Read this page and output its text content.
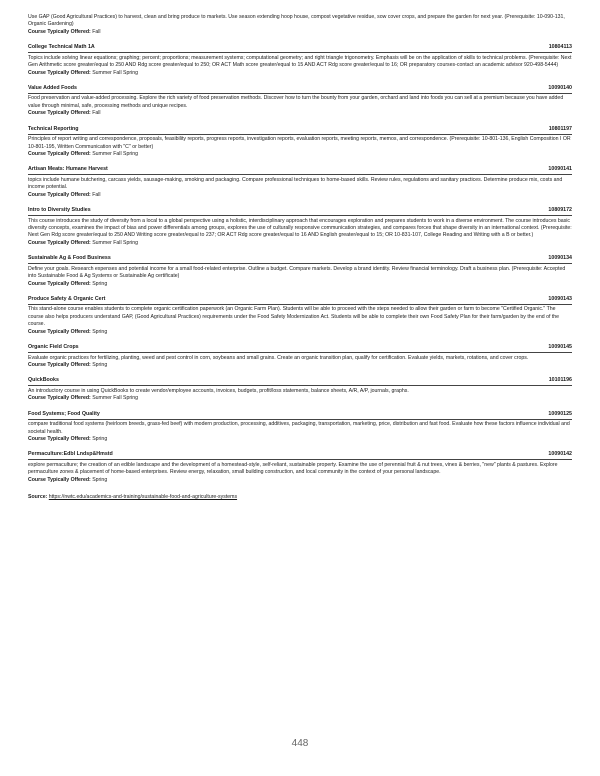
Use GAP (Good Agricultural Practices) to harvest, clean and bring produce to markets. Use season extending hoop house, compost vegetative residue, sow cover crops, and prepare the garden for next year. (Prerequisite: 10-090-131, Organic Gardening)

Course Typically Offered: Fall

College Technical Math 1A	10804113

Topics include solving linear equations; graphing; percent; proportions; measurement systems; computational geometry; and right triangle trigonometry. Emphasis will be on the application of skills to technical problems. (Prerequisite: Next Gen Arithmetic score greater/equal to 250 AND Rdg score greater/equal to 250; OR ACT Math score greater/equal to 15 AND ACT Rdg score greater/equal to 16; OR preparatory courses-contact an academic advisor 920-498-5444)

Course Typically Offered: Summer Fall Spring

Value Added Foods	10090140

Food preservation and value-added processing. Explore the rich variety of food preservation methods. Discover how to turn the bounty from your garden, orchard and land into foods you can sell at a premium because you have added value through minimal, safe, processing methods and unique recipes.

Course Typically Offered: Fall

Technical Reporting	10801197

Principles of report writing and correspondence, proposals, feasibility reports, progress reports, investigation reports, evaluation reports, meeting reports, memos, and correspondence. (Prerequisite: 10-801-136, English Composition I OR 10-801-195, Written Communication with "C" or better)

Course Typically Offered: Summer Fall Spring

Artisan Meats: Humane Harvest	10090141

topics include humane butchering, carcass yields, sausage-making, smoking and packaging. Compare professional techniques to home-based skills. Review rules, regulations and sanitary practices. Determine produce mix, costs and income potential.

Course Typically Offered: Fall

Intro to Diversity Studies	10809172

This course introduces the study of diversity from a local to a global perspective using a holistic, interdisciplinary approach that encourages exploration and prepares students to work in a diverse environment. The course introduces basic diversity concepts, examines the impact of bias and power differentials among groups, explores the use of culturally responsive communication strategies, and compares forces that shape diversity in an international context. (Prerequisite: Next Gen Rdg score greater/equal to 250 AND Writing score greater/equal to 237; OR ACT Rdg score greater/equal to 16 AND English greater/equal to 15; OR 10-831-107, College Reading and Writing with a B or better.)

Course Typically Offered: Summer Fall Spring

Sustainable Ag & Food Business	10090134

Define your goals. Research expenses and potential income for a small food-related enterprise. Outline a budget. Compare markets. Develop a brand identity. Review financial terminology. Draft a business plan. (Prerequisite: Accepted into Sustainable Food & Ag Systems or Sustainable Ag certificate)

Course Typically Offered: Spring

Produce Safety & Organic Cert	10090143

This stand-alone course enables students to complete organic certification paperwork (an Organic Farm Plan). Students will be able to proceed with the steps needed to allow their garden or farm to become "Certified Organic." The course also helps producers understand GAP, (Good Agricultural Practices) requirements under the Food Safety Modernization Act. Students will be able to complete their own Food Safety Plan for their farm/garden by the end of the course.

Course Typically Offered: Spring

Organic Field Crops	10090145

Evaluate organic practices for fertilizing, planting, weed and pest control in corn, soybeans and small grains. Create an organic transition plan, qualify for certification. Evaluate yields, markets, rotations, and cover crops.

Course Typically Offered: Spring

QuickBooks	10101196

An introductory course in using QuickBooks to create vendor/employee accounts, invoices, budgets, profit/loss statements, balance sheets, A/R, A/P, journals, graphs.

Course Typically Offered: Summer Fall Spring

Food Systems; Food Quality	10090125

compare traditional food systems (heirloom breeds, grass-fed beef) with modern production, processing, additives, packaging, transportation, marketing, price, distribution and fast food. Evaluate how these factors influence individual and societal health.

Course Typically Offered: Spring

Permaculture:Edbl Lndsp&Hmstd	10090142

explore permaculture; the creation of an edible landscape and the development of a homestead-style, self-reliant, sustainable property. Examine the use of perennial fruit & nut trees, vines & berries, "new" plants & pastures. Explore permaculture zones & placement of home-based enterprises. Review energy, relaxation, small building construction, and local community in the context of your personal landscape.

Course Typically Offered: Spring

Source: https://nwtc.edu/academics-and-training/sustainable-food-and-agriculture-systems
448
